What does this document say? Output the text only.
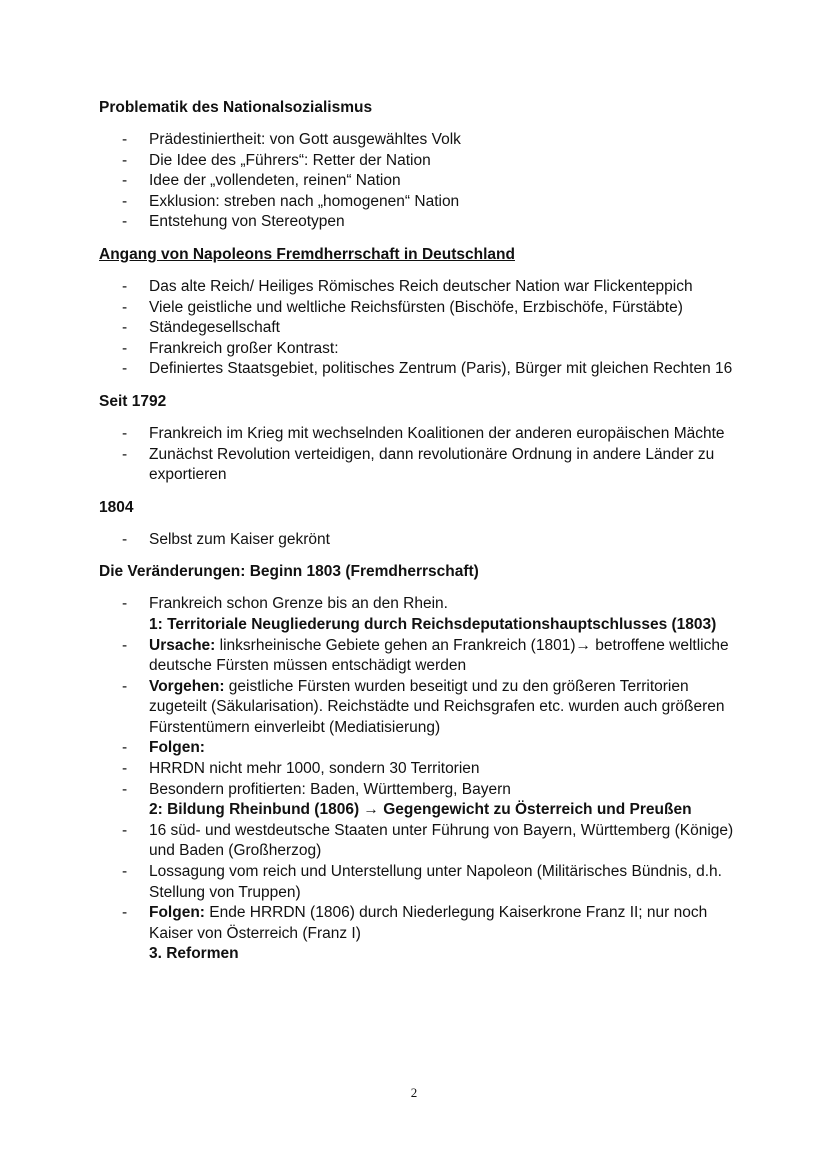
Problematik des Nationalsozialismus
- Prädestiniertheit: von Gott ausgewähltes Volk
- Die Idee des „Führers“: Retter der Nation
- Idee der „vollendeten, reinen“ Nation
- Exklusion: streben nach „homogenen“ Nation
- Entstehung von Stereotypen
Angang von Napoleons Fremdherrschaft in Deutschland
- Das alte Reich/ Heiliges Römisches Reich deutscher Nation war Flickenteppich
- Viele geistliche und weltliche Reichsfürsten (Bischöfe, Erzbischöfe, Fürstäbte)
- Ständegesellschaft
- Frankreich großer Kontrast:
- Definiertes Staatsgebiet, politisches Zentrum (Paris), Bürger mit gleichen Rechten 16
Seit 1792
- Frankreich im Krieg mit wechselnden Koalitionen der anderen europäischen Mächte
- Zunächst Revolution verteidigen, dann revolutionäre Ordnung in andere Länder zu exportieren
1804
- Selbst zum Kaiser gekrönt
Die Veränderungen: Beginn 1803 (Fremdherrschaft)
- Frankreich schon Grenze bis an den Rhein.
1: Territoriale Neugliederung durch Reichsdeputationshauptschlusses (1803)
- Ursache: linksrheinische Gebiete gehen an Frankreich (1801)→ betroffene weltliche deutsche Fürsten müssen entschädigt werden
- Vorgehen: geistliche Fürsten wurden beseitigt und zu den größeren Territorien zugeteilt (Säkularisation). Reichstädte und Reichsgrafen etc. wurden auch größeren Fürstentümern einverleibt (Mediatisierung)
- Folgen:
- HRRDN nicht mehr 1000, sondern 30 Territorien
- Besondern profitierten: Baden, Württemberg, Bayern
2: Bildung Rheinbund (1806) → Gegengewicht zu Österreich und Preußen
- 16 süd- und westdeutsche Staaten unter Führung von Bayern, Württemberg (Könige) und Baden (Großherzog)
- Lossagung vom reich und Unterstellung unter Napoleon (Militärisches Bündnis, d.h. Stellung von Truppen)
- Folgen: Ende HRRDN (1806) durch Niederlegung Kaiserkrone Franz II; nur noch Kaiser von Österreich (Franz I)
3. Reformen
2
